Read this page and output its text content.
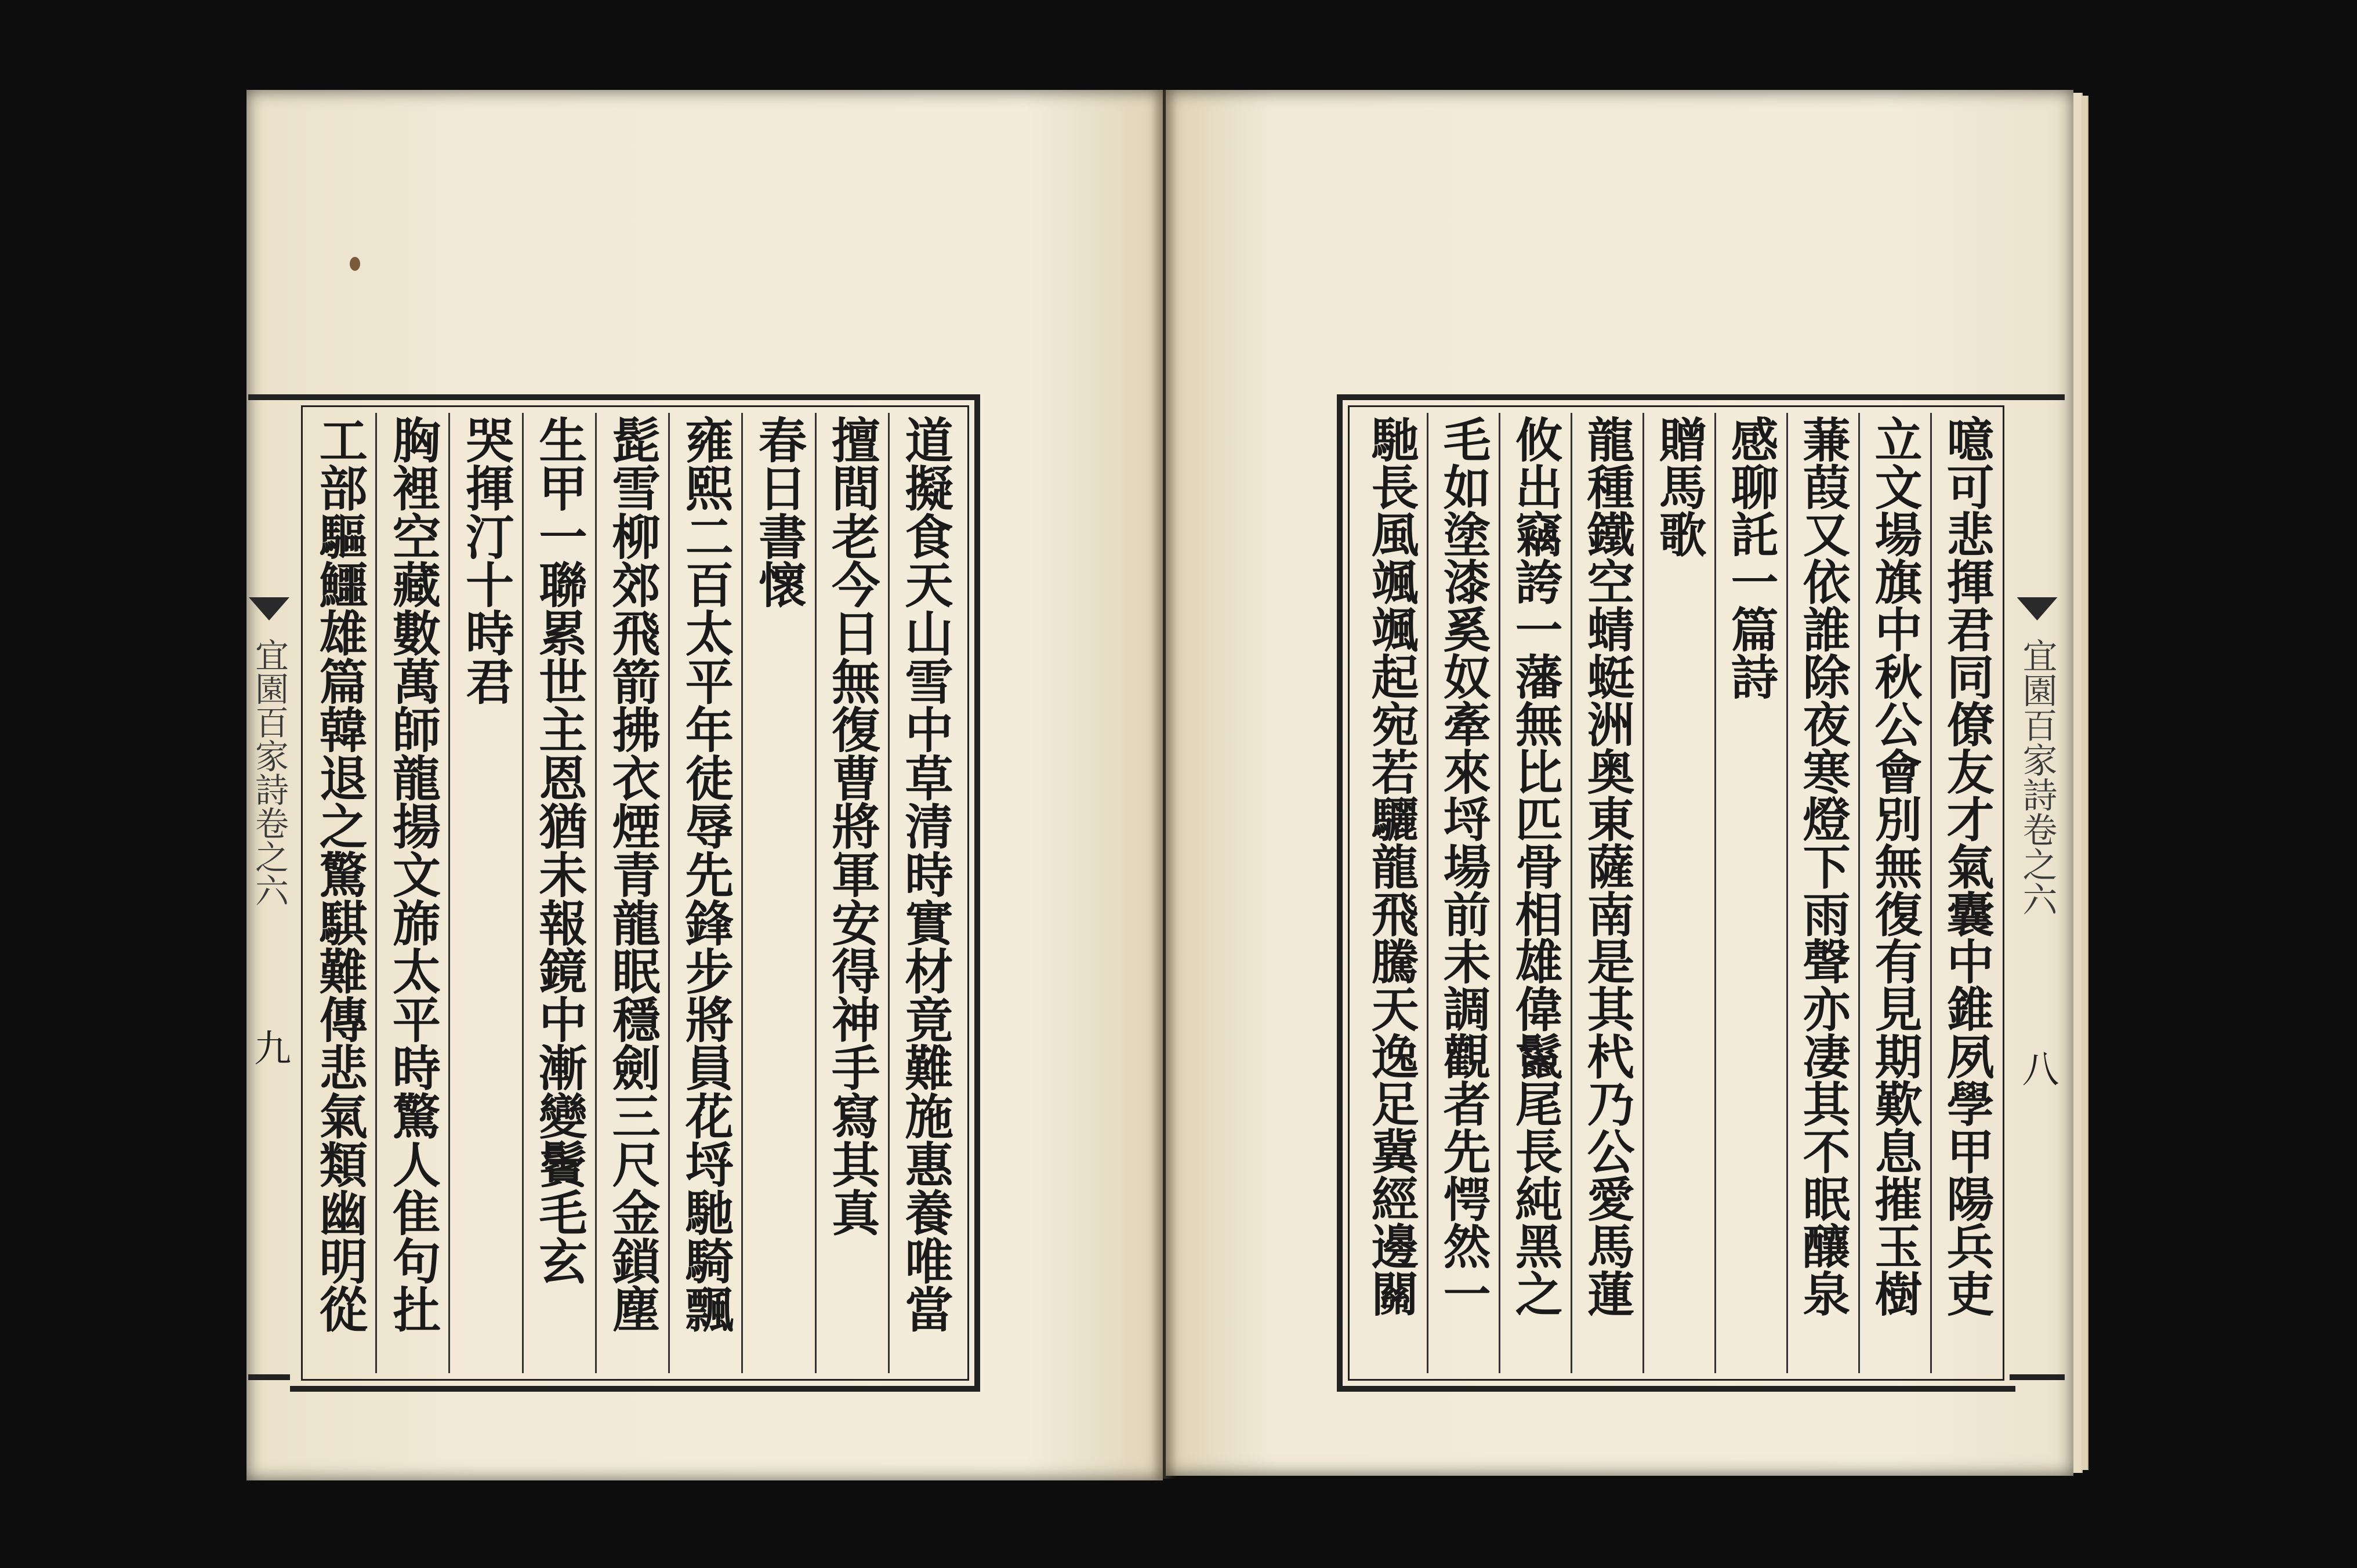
宜園百家詩卷之六
九	道擬食天山雪中草清時實材竟難施惠養唯當
擅間老今日無復曹將軍安得神手寫其真
春日書懷
雍熙二百太平年徒辱先鋒步將員花埒馳騎飄
髭雪柳郊飛箭拂衣煙青龍眠穩劍三尺金鎖塵
生甲一聯累世主恩猶未報鏡中漸變鬢毛玄
哭揮汀十時君
胸裡空藏數萬師龍揚文旆太平時驚人隹句扗
工部驅鱷雄篇韓退之驚騏難傳悲氣類幽明從	噫可悲揮君同僚友才氣囊中錐夙學甲陽兵吏
立文場旗中秋公會別無復有見期歎息摧玉樹
蒹葭又依誰除夜寒燈下雨聲亦凄其不眠釀泉
感聊託一篇詩
贈馬歌
龍種鐵空蜻蜓洲奥東薩南是其杙乃公愛馬蓮
攸出竊誇一藩無比匹骨相雄偉鬣尾長純黑之
毛如塗漆奚奴牽來埒場前未調觀者先愕然一
馳長風颯颯起宛若驪龍飛騰天逸足冀經邊關	宜園百家詩卷之六
八
